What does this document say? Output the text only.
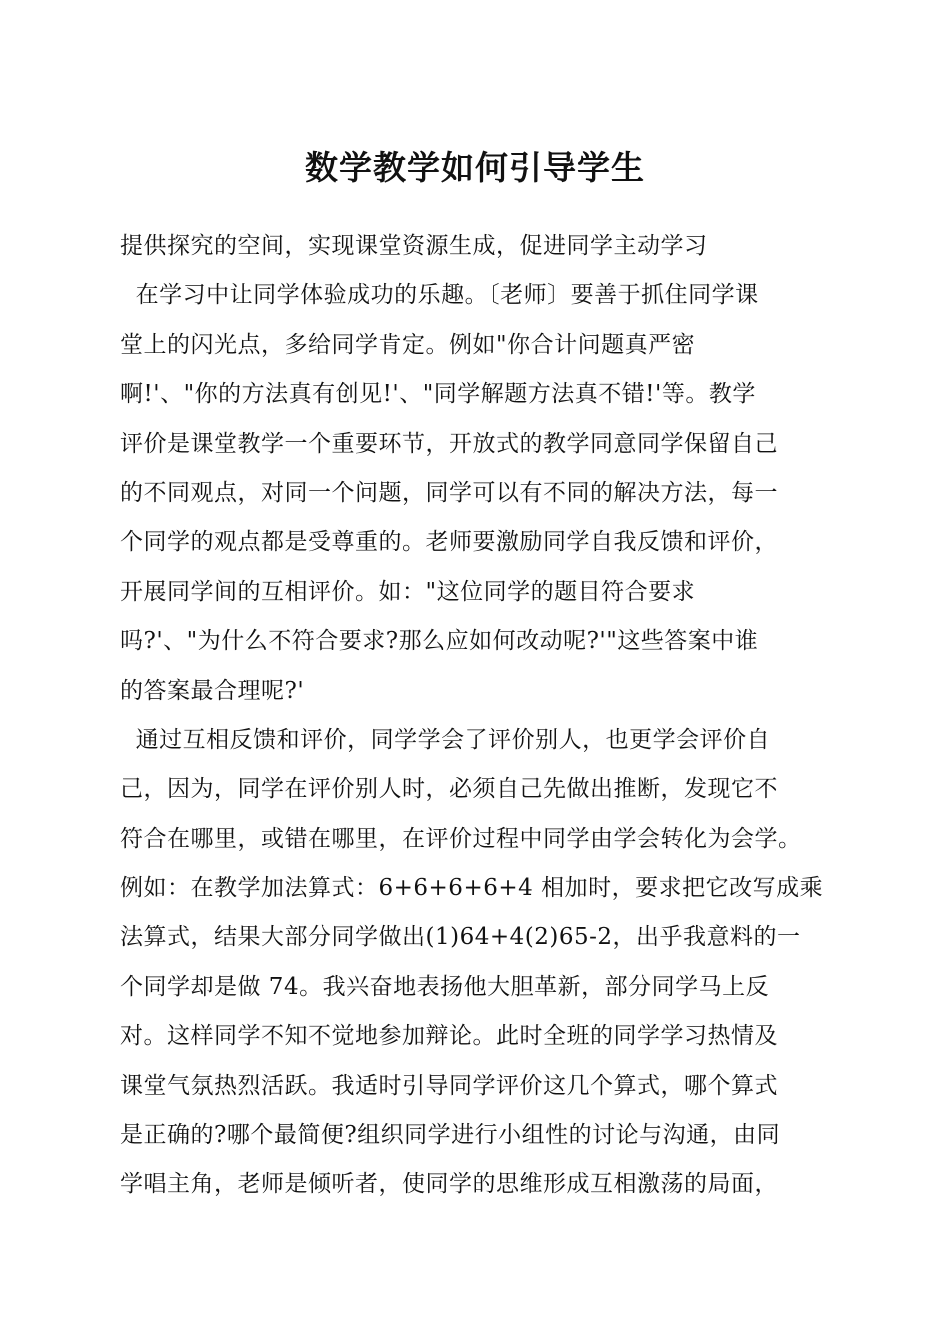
数学教学如何引导学生
提供探究的空间，实现课堂资源生成，促进同学主动学习
在学习中让同学体验成功的乐趣。〔老师〕要善于抓住同学课
堂上的闪光点，多给同学肯定。例如"你合计问题真严密
啊!'、"你的方法真有创见!'、"同学解题方法真不错!'等。教学
评价是课堂教学一个重要环节，开放式的教学同意同学保留自己
的不同观点，对同一个问题，同学可以有不同的解决方法，每一
个同学的观点都是受尊重的。老师要激励同学自我反馈和评价，
开展同学间的互相评价。如："这位同学的题目符合要求
吗?'、"为什么不符合要求?那么应如何改动呢?'"这些答案中谁
的答案最合理呢?'
通过互相反馈和评价，同学学会了评价别人，也更学会评价自
己，因为，同学在评价别人时，必须自己先做出推断，发现它不
符合在哪里，或错在哪里，在评价过程中同学由学会转化为会学。
例如：在教学加法算式：6+6+6+6+4 相加时，要求把它改写成乘
法算式，结果大部分同学做出(1)64+4(2)65-2，出乎我意料的一
个同学却是做 74。我兴奋地表扬他大胆革新，部分同学马上反
对。这样同学不知不觉地参加辩论。此时全班的同学学习热情及
课堂气氛热烈活跃。我适时引导同学评价这几个算式，哪个算式
是正确的?哪个最简便?组织同学进行小组性的讨论与沟通，由同
学唱主角，老师是倾听者，使同学的思维形成互相激荡的局面，
